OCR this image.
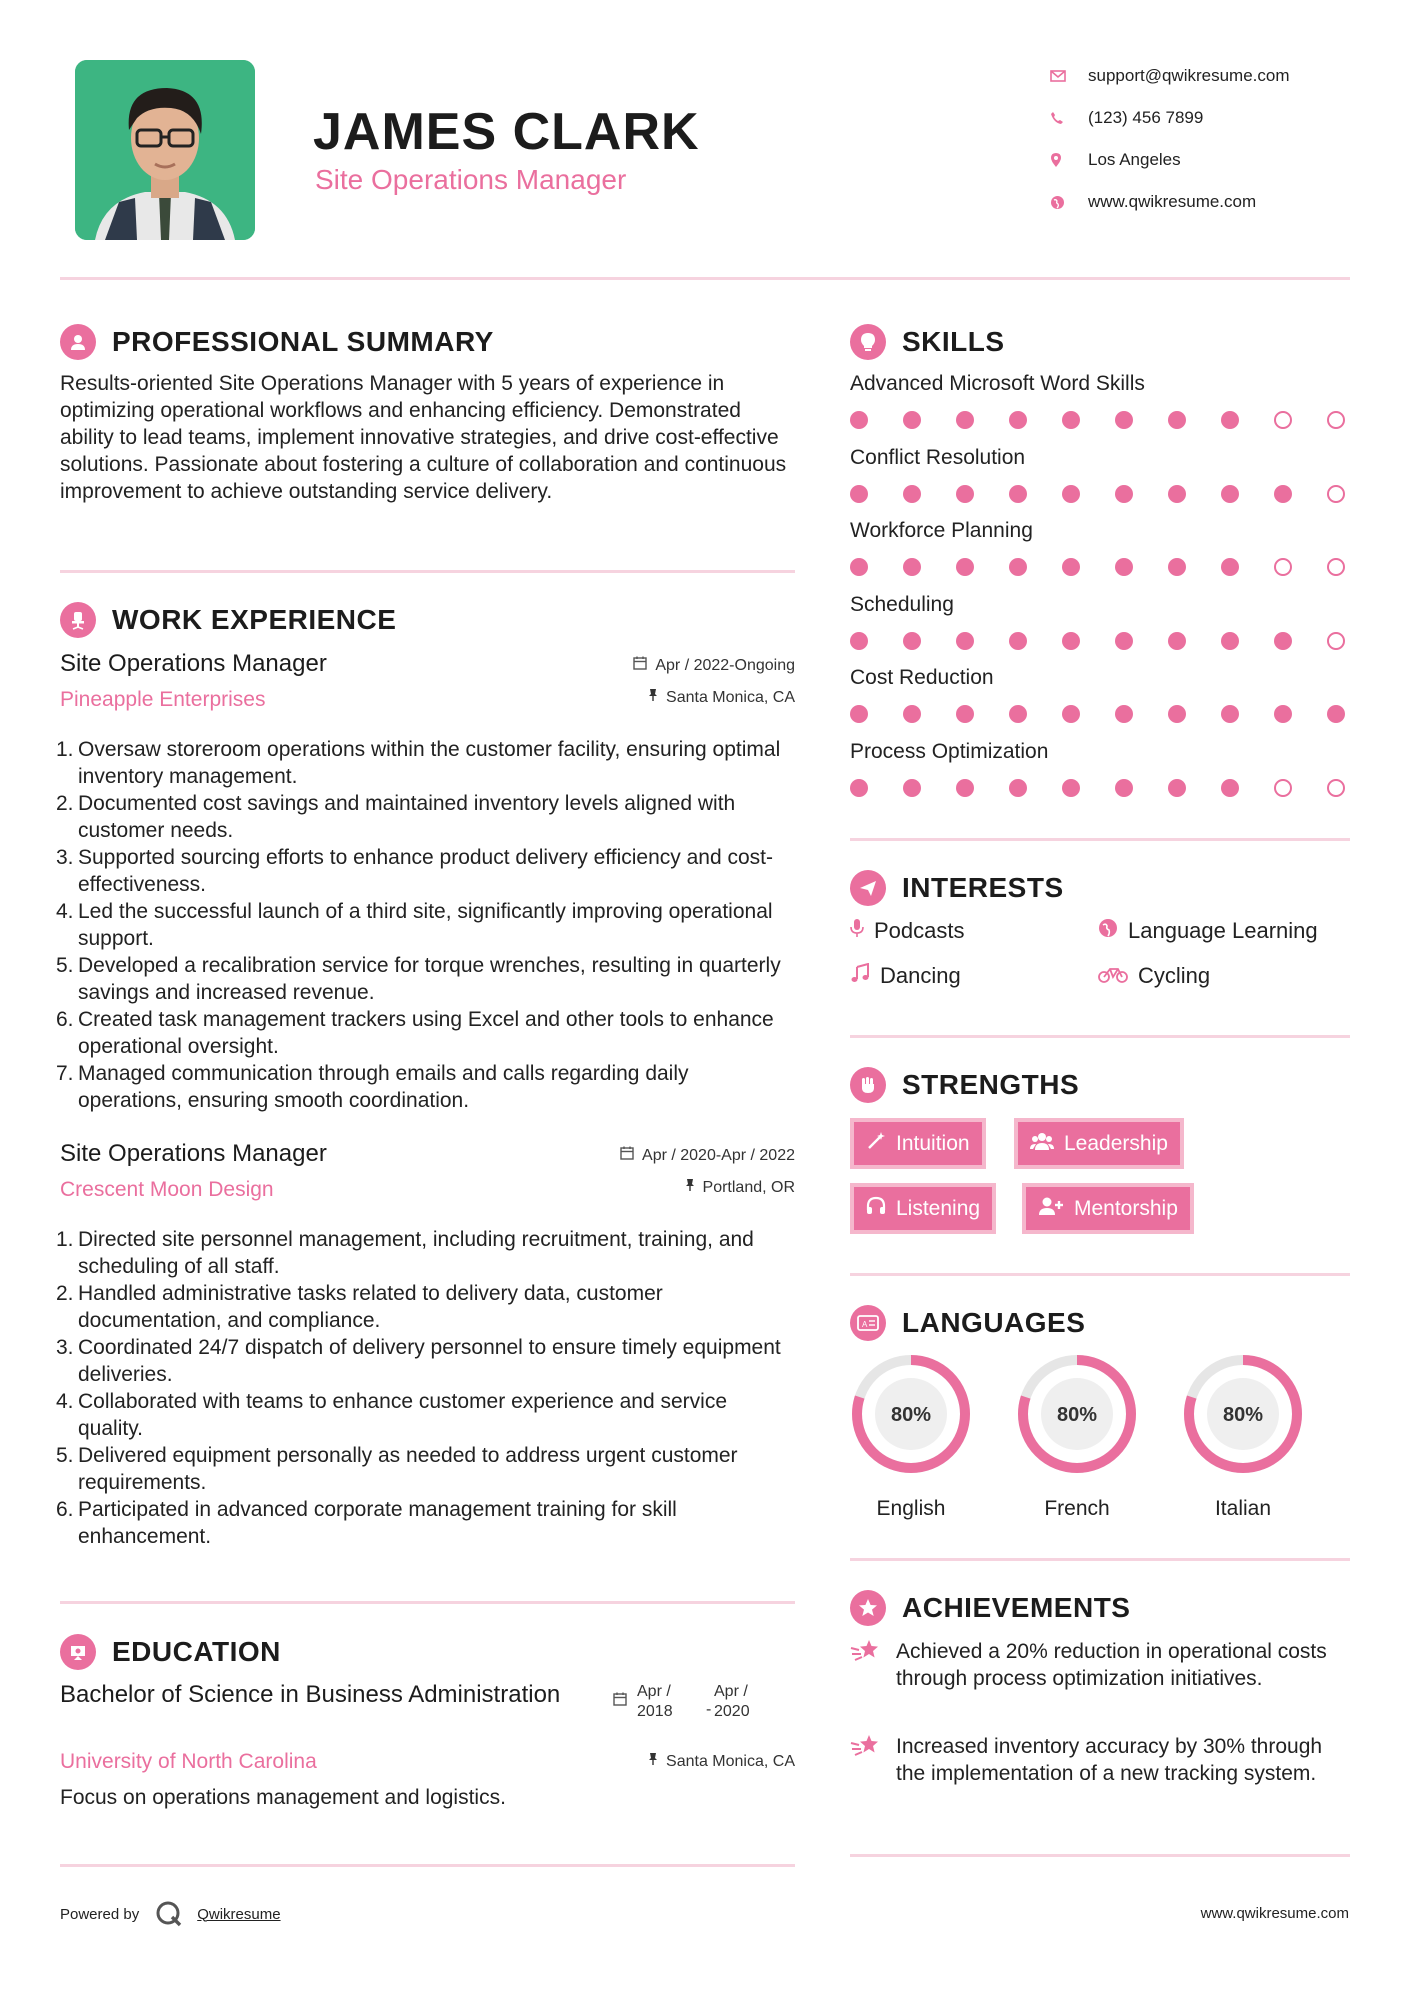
JAMES CLARK
Site Operations Manager
support@qwikresume.com
(123) 456 7899
Los Angeles
www.qwikresume.com
PROFESSIONAL SUMMARY
Results-oriented Site Operations Manager with 5 years of experience in optimizing operational workflows and enhancing efficiency. Demonstrated ability to lead teams, implement innovative strategies, and drive cost-effective solutions. Passionate about fostering a culture of collaboration and continuous improvement to achieve outstanding service delivery.
WORK EXPERIENCE
Site Operations Manager
Pineapple Enterprises
Apr / 2022-Ongoing
Santa Monica, CA
1. Oversaw storeroom operations within the customer facility, ensuring optimal inventory management.
2. Documented cost savings and maintained inventory levels aligned with customer needs.
3. Supported sourcing efforts to enhance product delivery efficiency and cost-effectiveness.
4. Led the successful launch of a third site, significantly improving operational support.
5. Developed a recalibration service for torque wrenches, resulting in quarterly savings and increased revenue.
6. Created task management trackers using Excel and other tools to enhance operational oversight.
7. Managed communication through emails and calls regarding daily operations, ensuring smooth coordination.
Site Operations Manager
Crescent Moon Design
Apr / 2020-Apr / 2022
Portland, OR
1. Directed site personnel management, including recruitment, training, and scheduling of all staff.
2. Handled administrative tasks related to delivery data, customer documentation, and compliance.
3. Coordinated 24/7 dispatch of delivery personnel to ensure timely equipment deliveries.
4. Collaborated with teams to enhance customer experience and service quality.
5. Delivered equipment personally as needed to address urgent customer requirements.
6. Participated in advanced corporate management training for skill enhancement.
EDUCATION
Bachelor of Science in Business Administration	Apr /
2018 -
Apr /
2020
University of North Carolina	Santa Monica, CA
Focus on operations management and logistics.
SKILLS
Advanced Microsoft Word Skills
Conflict Resolution
Workforce Planning
Scheduling
Cost Reduction
Process Optimization
INTERESTS
Podcasts	Language Learning
Dancing	Cycling
STRENGTHS
Intuition	Leadership
Listening	Mentorship
A LANGUAGES
80%
English
80%
French
80%
Italian
ACHIEVEMENTS
Achieved a 20% reduction in operational costs through process optimization initiatives.
Increased inventory accuracy by 30% through the implementation of a new tracking system.
Powered by	Qwikresume	www.qwikresume.com
